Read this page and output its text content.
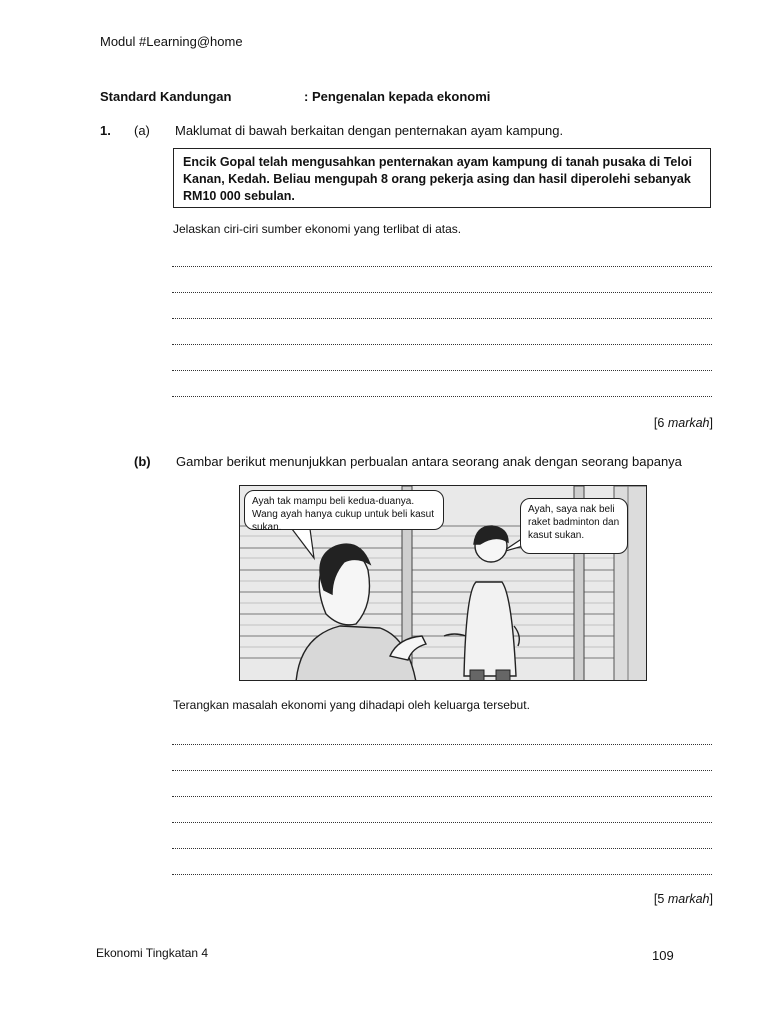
Modul #Learning@home
Standard Kandungan	: Pengenalan kepada ekonomi
1. (a) Maklumat di bawah berkaitan dengan penternakan ayam kampung.
Encik Gopal telah mengusahkan penternakan ayam kampung di tanah pusaka di Teloi Kanan, Kedah. Beliau mengupah 8 orang pekerja asing dan hasil diperolehi sebanyak RM10 000 sebulan.
Jelaskan ciri-ciri sumber ekonomi yang terlibat di atas.
[6 markah]
(b) Gambar berikut menunjukkan perbualan antara seorang anak dengan seorang bapanya
Ayah tak mampu beli kedua-duanya. Wang ayah hanya cukup untuk beli kasut sukan.
Ayah, saya nak beli raket badminton dan kasut sukan.
Terangkan masalah ekonomi yang dihadapi oleh keluarga tersebut.
[5 markah]
Ekonomi Tingkatan 4	109
